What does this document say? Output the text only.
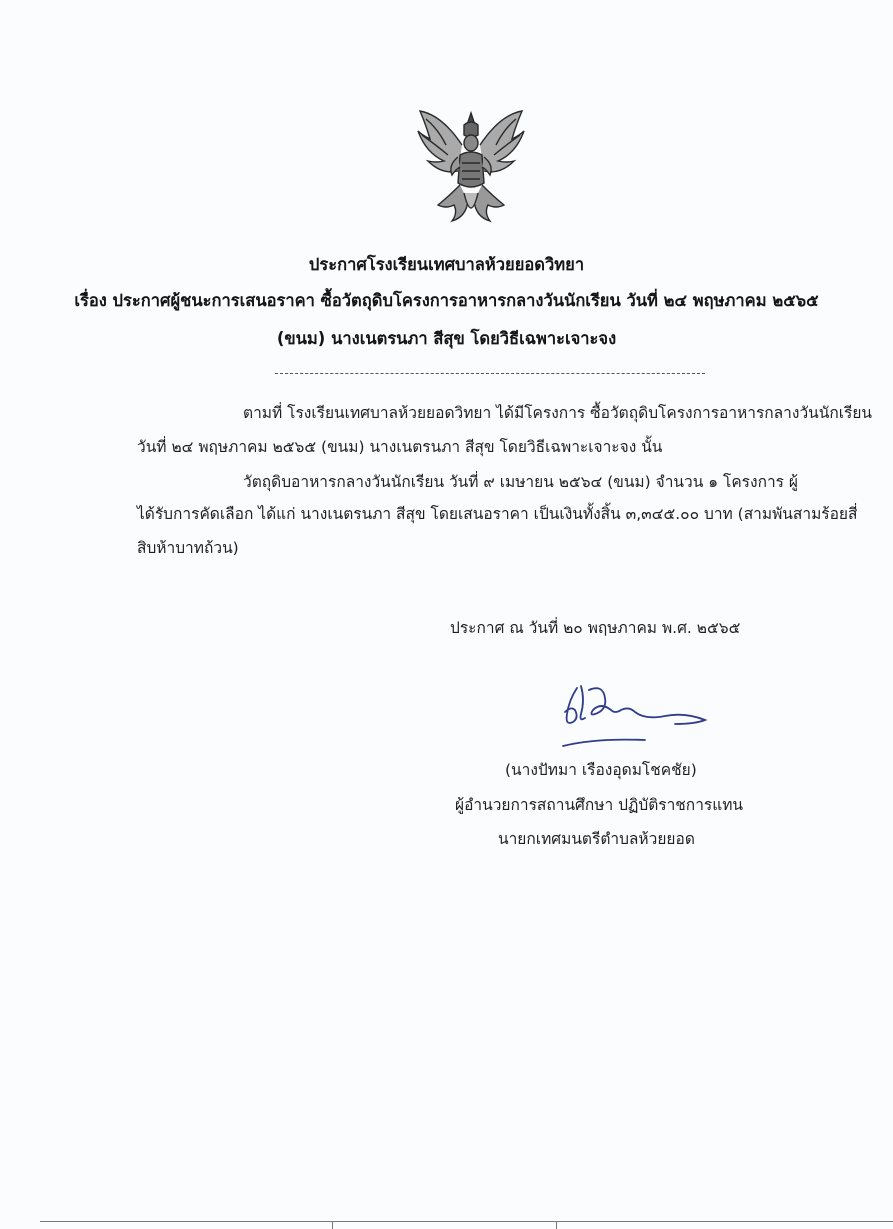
ประกาศโรงเรียนเทศบาลห้วยยอดวิทยา
เรื่อง ประกาศผู้ชนะการเสนอราคา ซื้อวัตถุดิบโครงการอาหารกลางวันนักเรียน วันที่ ๒๔ พฤษภาคม ๒๕๖๕
(ขนม) นางเนตรนภา สีสุข โดยวิธีเฉพาะเจาะจง
ตามที่ โรงเรียนเทศบาลห้วยยอดวิทยา ได้มีโครงการ ซื้อวัตถุดิบโครงการอาหารกลางวันนักเรียน
วันที่ ๒๔ พฤษภาคม ๒๕๖๕ (ขนม) นางเนตรนภา สีสุข โดยวิธีเฉพาะเจาะจง นั้น
วัตถุดิบอาหารกลางวันนักเรียน วันที่ ๙ เมษายน ๒๕๖๔ (ขนม) จำนวน ๑ โครงการ ผู้
ได้รับการคัดเลือก ได้แก่ นางเนตรนภา สีสุข โดยเสนอราคา เป็นเงินทั้งสิ้น ๓,๓๔๕.๐๐ บาท (สามพันสามร้อยสี่
สิบห้าบาทถ้วน)
ประกาศ ณ วันที่ ๒๐ พฤษภาคม พ.ศ. ๒๕๖๕
(นางปัทมา เรืองอุดมโชคชัย)
ผู้อำนวยการสถานศึกษา ปฏิบัติราชการแทน
นายกเทศมนตรีตำบลห้วยยอด
